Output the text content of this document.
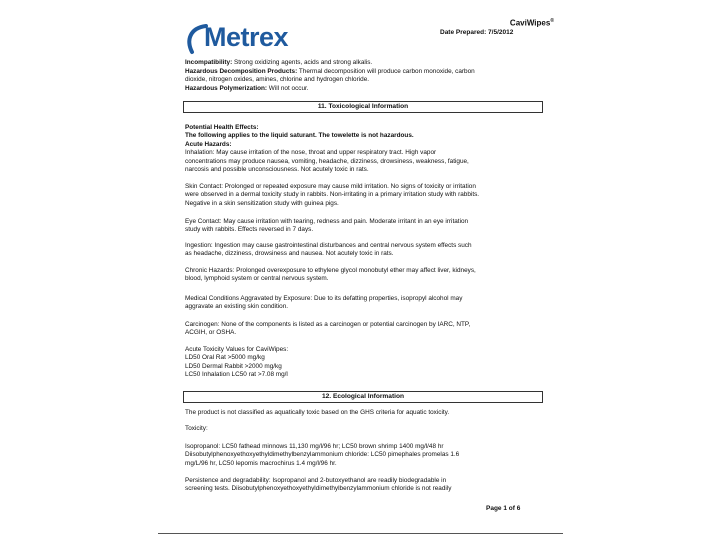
Metrex	CaviWipes®
Date Prepared: 7/5/2012
Incompatibility: Strong oxidizing agents, acids and strong alkalis.
Hazardous Decomposition Products: Thermal decomposition will produce carbon monoxide, carbon
dioxide, nitrogen oxides, amines, chlorine and hydrogen chloride.
Hazardous Polymerization: Will not occur.
11. Toxicological Information
Potential Health Effects:
The following applies to the liquid saturant. The towelette is not hazardous.
Acute Hazards:
Inhalation: May cause irritation of the nose, throat and upper respiratory tract. High vapor
concentrations may produce nausea, vomiting, headache, dizziness, drowsiness, weakness, fatigue,
narcosis and possible unconsciousness. Not acutely toxic in rats.
Skin Contact: Prolonged or repeated exposure may cause mild irritation. No signs of toxicity or irritation
were observed in a dermal toxicity study in rabbits. Non-irritating in a primary irritation study with rabbits.
Negative in a skin sensitization study with guinea pigs.
Eye Contact: May cause irritation with tearing, redness and pain. Moderate irritant in an eye irritation
study with rabbits. Effects reversed in 7 days.
Ingestion: Ingestion may cause gastrointestinal disturbances and central nervous system effects such
as headache, dizziness, drowsiness and nausea. Not acutely toxic in rats.
Chronic Hazards: Prolonged overexposure to ethylene glycol monobutyl ether may affect liver, kidneys,
blood, lymphoid system or central nervous system.
Medical Conditions Aggravated by Exposure: Due to its defatting properties, isopropyl alcohol may
aggravate an existing skin condition.
Carcinogen: None of the components is listed as a carcinogen or potential carcinogen by IARC, NTP,
ACGIH, or OSHA.
Acute Toxicity Values for CaviWipes:
LD50 Oral Rat >5000 mg/kg
LD50 Dermal Rabbit >2000 mg/kg
LC50 Inhalation LC50 rat >7.08 mg/l
12. Ecological Information
The product is not classified as aquatically toxic based on the GHS criteria for aquatic toxicity.
Toxicity:
Isopropanol: LC50 fathead minnows 11,130 mg/l/96 hr; LC50 brown shrimp 1400 mg/l/48 hr
Diisobutylphenoxyethoxyethyldimethylbenzylammonium chloride: LC50 pimephales promelas 1.6
mg/L/96 hr, LC50 lepomis macrochirus 1.4 mg/l/96 hr.
Persistence and degradability: Isopropanol and 2-butoxyethanol are readily biodegradable in
screening tests. Diisobutylphenoxyethoxyethyldimethylbenzylammonium chloride is not readily
Page 1 of 6
